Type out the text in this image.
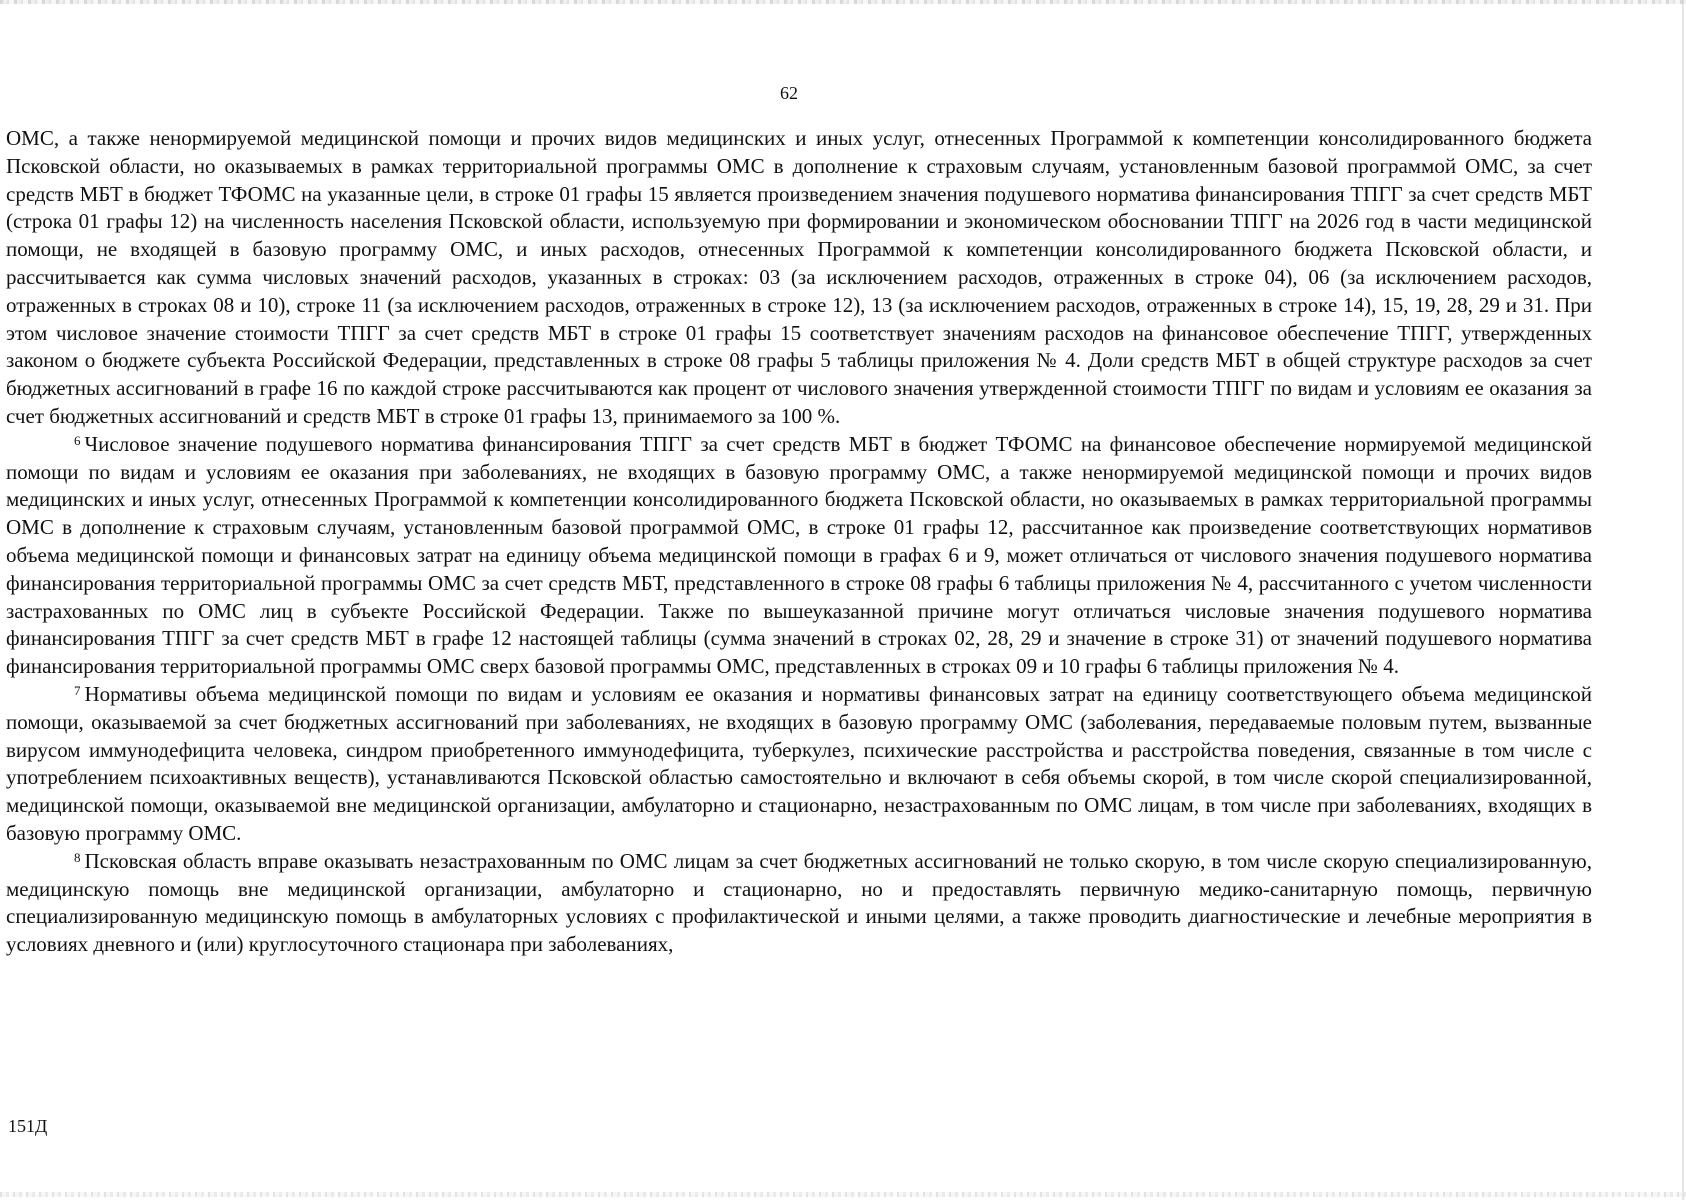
62

ОМС, а также ненормируемой медицинской помощи и прочих видов медицинских и иных услуг, отнесенных Программой к компетенции консолидированного бюджета Псковской области, но оказываемых в рамках территориальной программы ОМС в дополнение к страховым случаям, установленным базовой программой ОМС, за счет средств МБТ в бюджет ТФОМС на указанные цели, в строке 01 графы 15 является произведением значения подушевого норматива финансирования ТПГГ за счет средств МБТ (строка 01 графы 12) на численность населения Псковской области, используемую при формировании и экономическом обосновании ТПГГ на 2026 год в части медицинской помощи, не входящей в базовую программу ОМС, и иных расходов, отнесенных Программой к компетенции консолидированного бюджета Псковской области, и рассчитывается как сумма числовых значений расходов, указанных в строках: 03 (за исключением расходов, отраженных в строке 04), 06 (за исключением расходов, отраженных в строках 08 и 10), строке 11 (за исключением расходов, отраженных в строке 12), 13 (за исключением расходов, отраженных в строке 14), 15, 19, 28, 29 и 31. При этом числовое значение стоимости ТПГГ за счет средств МБТ в строке 01 графы 15 соответствует значениям расходов на финансовое обеспечение ТПГГ, утвержденных законом о бюджете субъекта Российской Федерации, представленных в строке 08 графы 5 таблицы приложения № 4. Доли средств МБТ в общей структуре расходов за счет бюджетных ассигнований в графе 16 по каждой строке рассчитываются как процент от числового значения утвержденной стоимости ТПГГ по видам и условиям ее оказания за счет бюджетных ассигнований и средств МБТ в строке 01 графы 13, принимаемого за 100 %.

$^6$ Числовое значение подушевого норматива финансирования ТПГГ за счет средств МБТ в бюджет ТФОМС на финансовое обеспечение нормируемой медицинской помощи по видам и условиям ее оказания при заболеваниях, не входящих в базовую программу ОМС, а также ненормируемой медицинской помощи и прочих видов медицинских и иных услуг, отнесенных Программой к компетенции консолидированного бюджета Псковской области, но оказываемых в рамках территориальной программы ОМС в дополнение к страховым случаям, установленным базовой программой ОМС, в строке 01 графы 12, рассчитанное как произведение соответствующих нормативов объема медицинской помощи и финансовых затрат на единицу объема медицинской помощи в графах 6 и 9, может отличаться от числового значения подушевого норматива финансирования территориальной программы ОМС за счет средств МБТ, представленного в строке 08 графы 6 таблицы приложения № 4, рассчитанного с учетом численности застрахованных по ОМС лиц в субъекте Российской Федерации. Также по вышеуказанной причине могут отличаться числовые значения подушевого норматива финансирования ТПГГ за счет средств МБТ в графе 12 настоящей таблицы (сумма значений в строках 02, 28, 29 и значение в строке 31) от значений подушевого норматива финансирования территориальной программы ОМС сверх базовой программы ОМС, представленных в строках 09 и 10 графы 6 таблицы приложения № 4.

$^7$ Нормативы объема медицинской помощи по видам и условиям ее оказания и нормативы финансовых затрат на единицу соответствующего объема медицинской помощи, оказываемой за счет бюджетных ассигнований при заболеваниях, не входящих в базовую программу ОМС (заболевания, передаваемые половым путем, вызванные вирусом иммунодефицита человека, синдром приобретенного иммунодефицита, туберкулез, психические расстройства и расстройства поведения, связанные в том числе с употреблением психоактивных веществ), устанавливаются Псковской областью самостоятельно и включают в себя объемы скорой, в том числе скорой специализированной, медицинской помощи, оказываемой вне медицинской организации, амбулаторно и стационарно, незастрахованным по ОМС лицам, в том числе при заболеваниях, входящих в базовую программу ОМС.

$^8$ Псковская область вправе оказывать незастрахованным по ОМС лицам за счет бюджетных ассигнований не только скорую, в том числе скорую специализированную, медицинскую помощь вне медицинской организации, амбулаторно и стационарно, но и предоставлять первичную медико-санитарную помощь, первичную специализированную медицинскую помощь в амбулаторных условиях с профилактической и иными целями, а также проводить диагностические и лечебные мероприятия в условиях дневного и (или) круглосуточного стационара при заболеваниях,

151Д
